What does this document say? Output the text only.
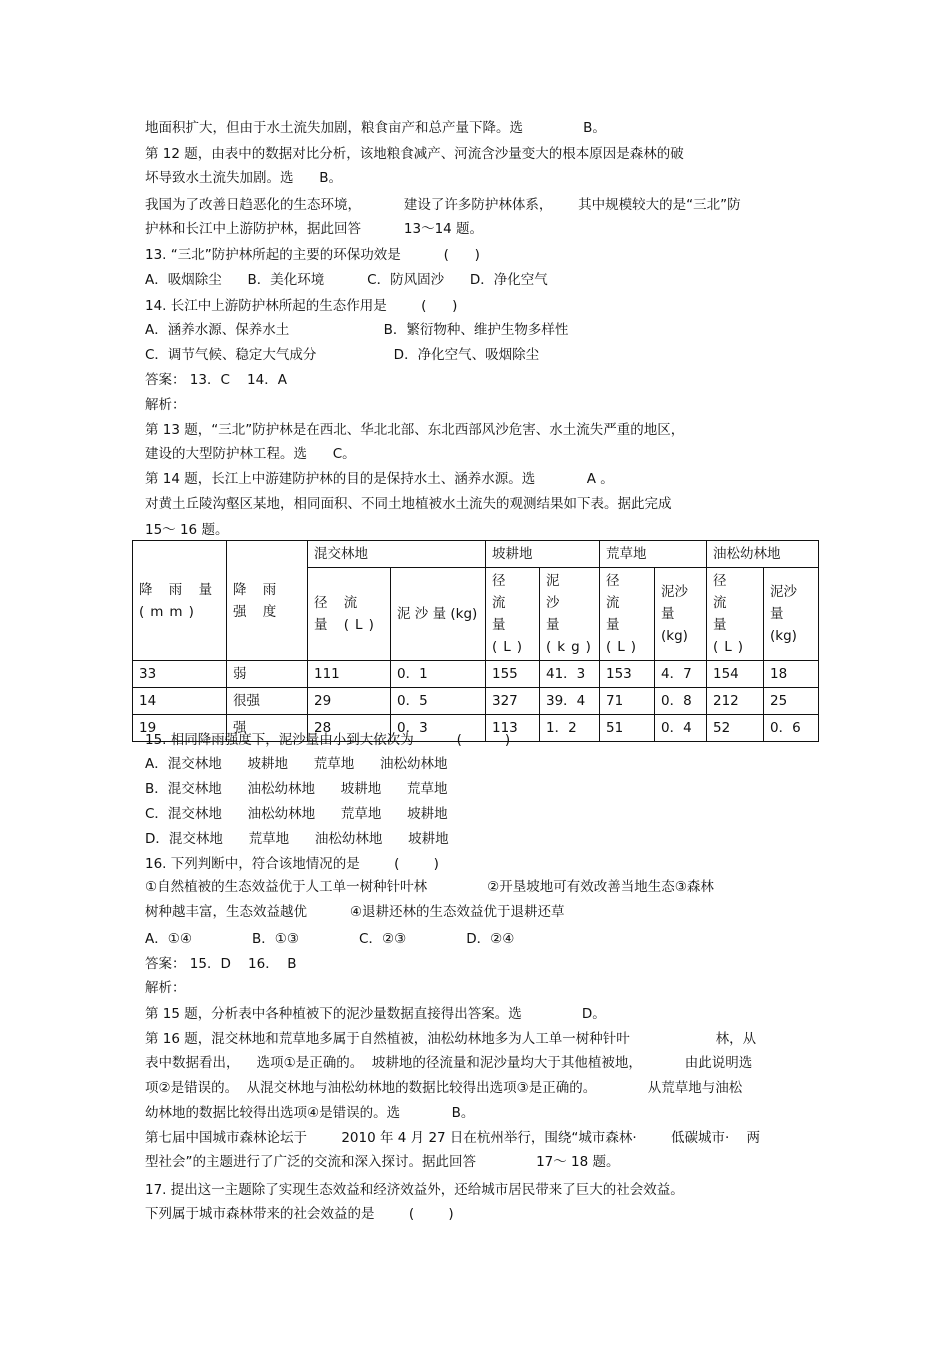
地面积扩大，但由于水土流失加剧，粮食亩产和总产量下降。选              B。
第 12 题，由表中的数据对比分析，该地粮食减产、河流含沙量变大的根本原因是森林的破
坏导致水土流失加剧。选      B。
我国为了改善日趋恶化的生态环境，          建设了许多防护林体系，      其中规模较大的是“三北”防
护林和长江中上游防护林，据此回答          13～14 题。
13. “三北”防护林所起的主要的环保功效是          (      )
A．吸烟除尘      B．美化环境          C．防风固沙      D．净化空气
14. 长江中上游防护林所起的生态作用是        (      )
A．涵养水源、保养水土                      B．繁衍物种、维护生物多样性
C．调节气候、稳定大气成分                  D．净化空气、吸烟除尘
答案： 13．C    14．A
解析：
第 13 题，“三北”防护林是在西北、华北北部、东北西部风沙危害、水土流失严重的地区，
建设的大型防护林工程。选      C。
第 14 题，长江上中游建防护林的目的是保持水土、涵养水源。选            A 。
对黄土丘陵沟壑区某地，相同面积、不同土地植被水土流失的观测结果如下表。据此完成
15～ 16 题。
降 雨 量 (mm)	降 雨 强 度	混交林地		坡耕地		荒草地		油松幼林地	
		径 流 量 (L)	泥 沙 量 (kg)	径 流 量(L)	泥 沙 量 (kg)	径 流 量(L)	泥沙 量 (kg)	径 流 量(L)	泥沙 量 (kg)
33	弱	111	0．1	155	41．3	153	4．7	154	18
14	很强	29	0．5	327	39．4	71	0．8	212	25
19	强	28	0．3	113	1．2	51	0．4	52	0．6
15. 相同降雨强度下，泥沙量由小到大依次为          (          )
A．混交林地      坡耕地      荒草地      油松幼林地
B．混交林地      油松幼林地      坡耕地      荒草地
C．混交林地      油松幼林地      荒草地      坡耕地
D．混交林地      荒草地      油松幼林地      坡耕地
16. 下列判断中，符合该地情况的是        (        )
①自然植被的生态效益优于人工单一树种针叶林              ②开垦坡地可有效改善当地生态③森林
树种越丰富，生态效益越优          ④退耕还林的生态效益优于退耕还草
A．①④              B．①③              C．②③              D．②④
答案： 15．D    16．  B
解析：
第 15 题，分析表中各种植被下的泥沙量数据直接得出答案。选              D。
第 16 题，混交林地和荒草地多属于自然植被，油松幼林地多为人工单一树种针叶                    林，从
表中数据看出，    选项①是正确的。  坡耕地的径流量和泥沙量均大于其他植被地，          由此说明选
项②是错误的。  从混交林地与油松幼林地的数据比较得出选项③是正确的。            从荒草地与油松
幼林地的数据比较得出选项④是错误的。选            B。
第七届中国城市森林论坛于        2010 年 4 月 27 日在杭州举行，围绕“城市森林·        低碳城市·    两
型社会”的主题进行了广泛的交流和深入探讨。据此回答              17～ 18 题。
17. 提出这一主题除了实现生态效益和经济效益外，还给城市居民带来了巨大的社会效益。
下列属于城市森林带来的社会效益的是        (        )
